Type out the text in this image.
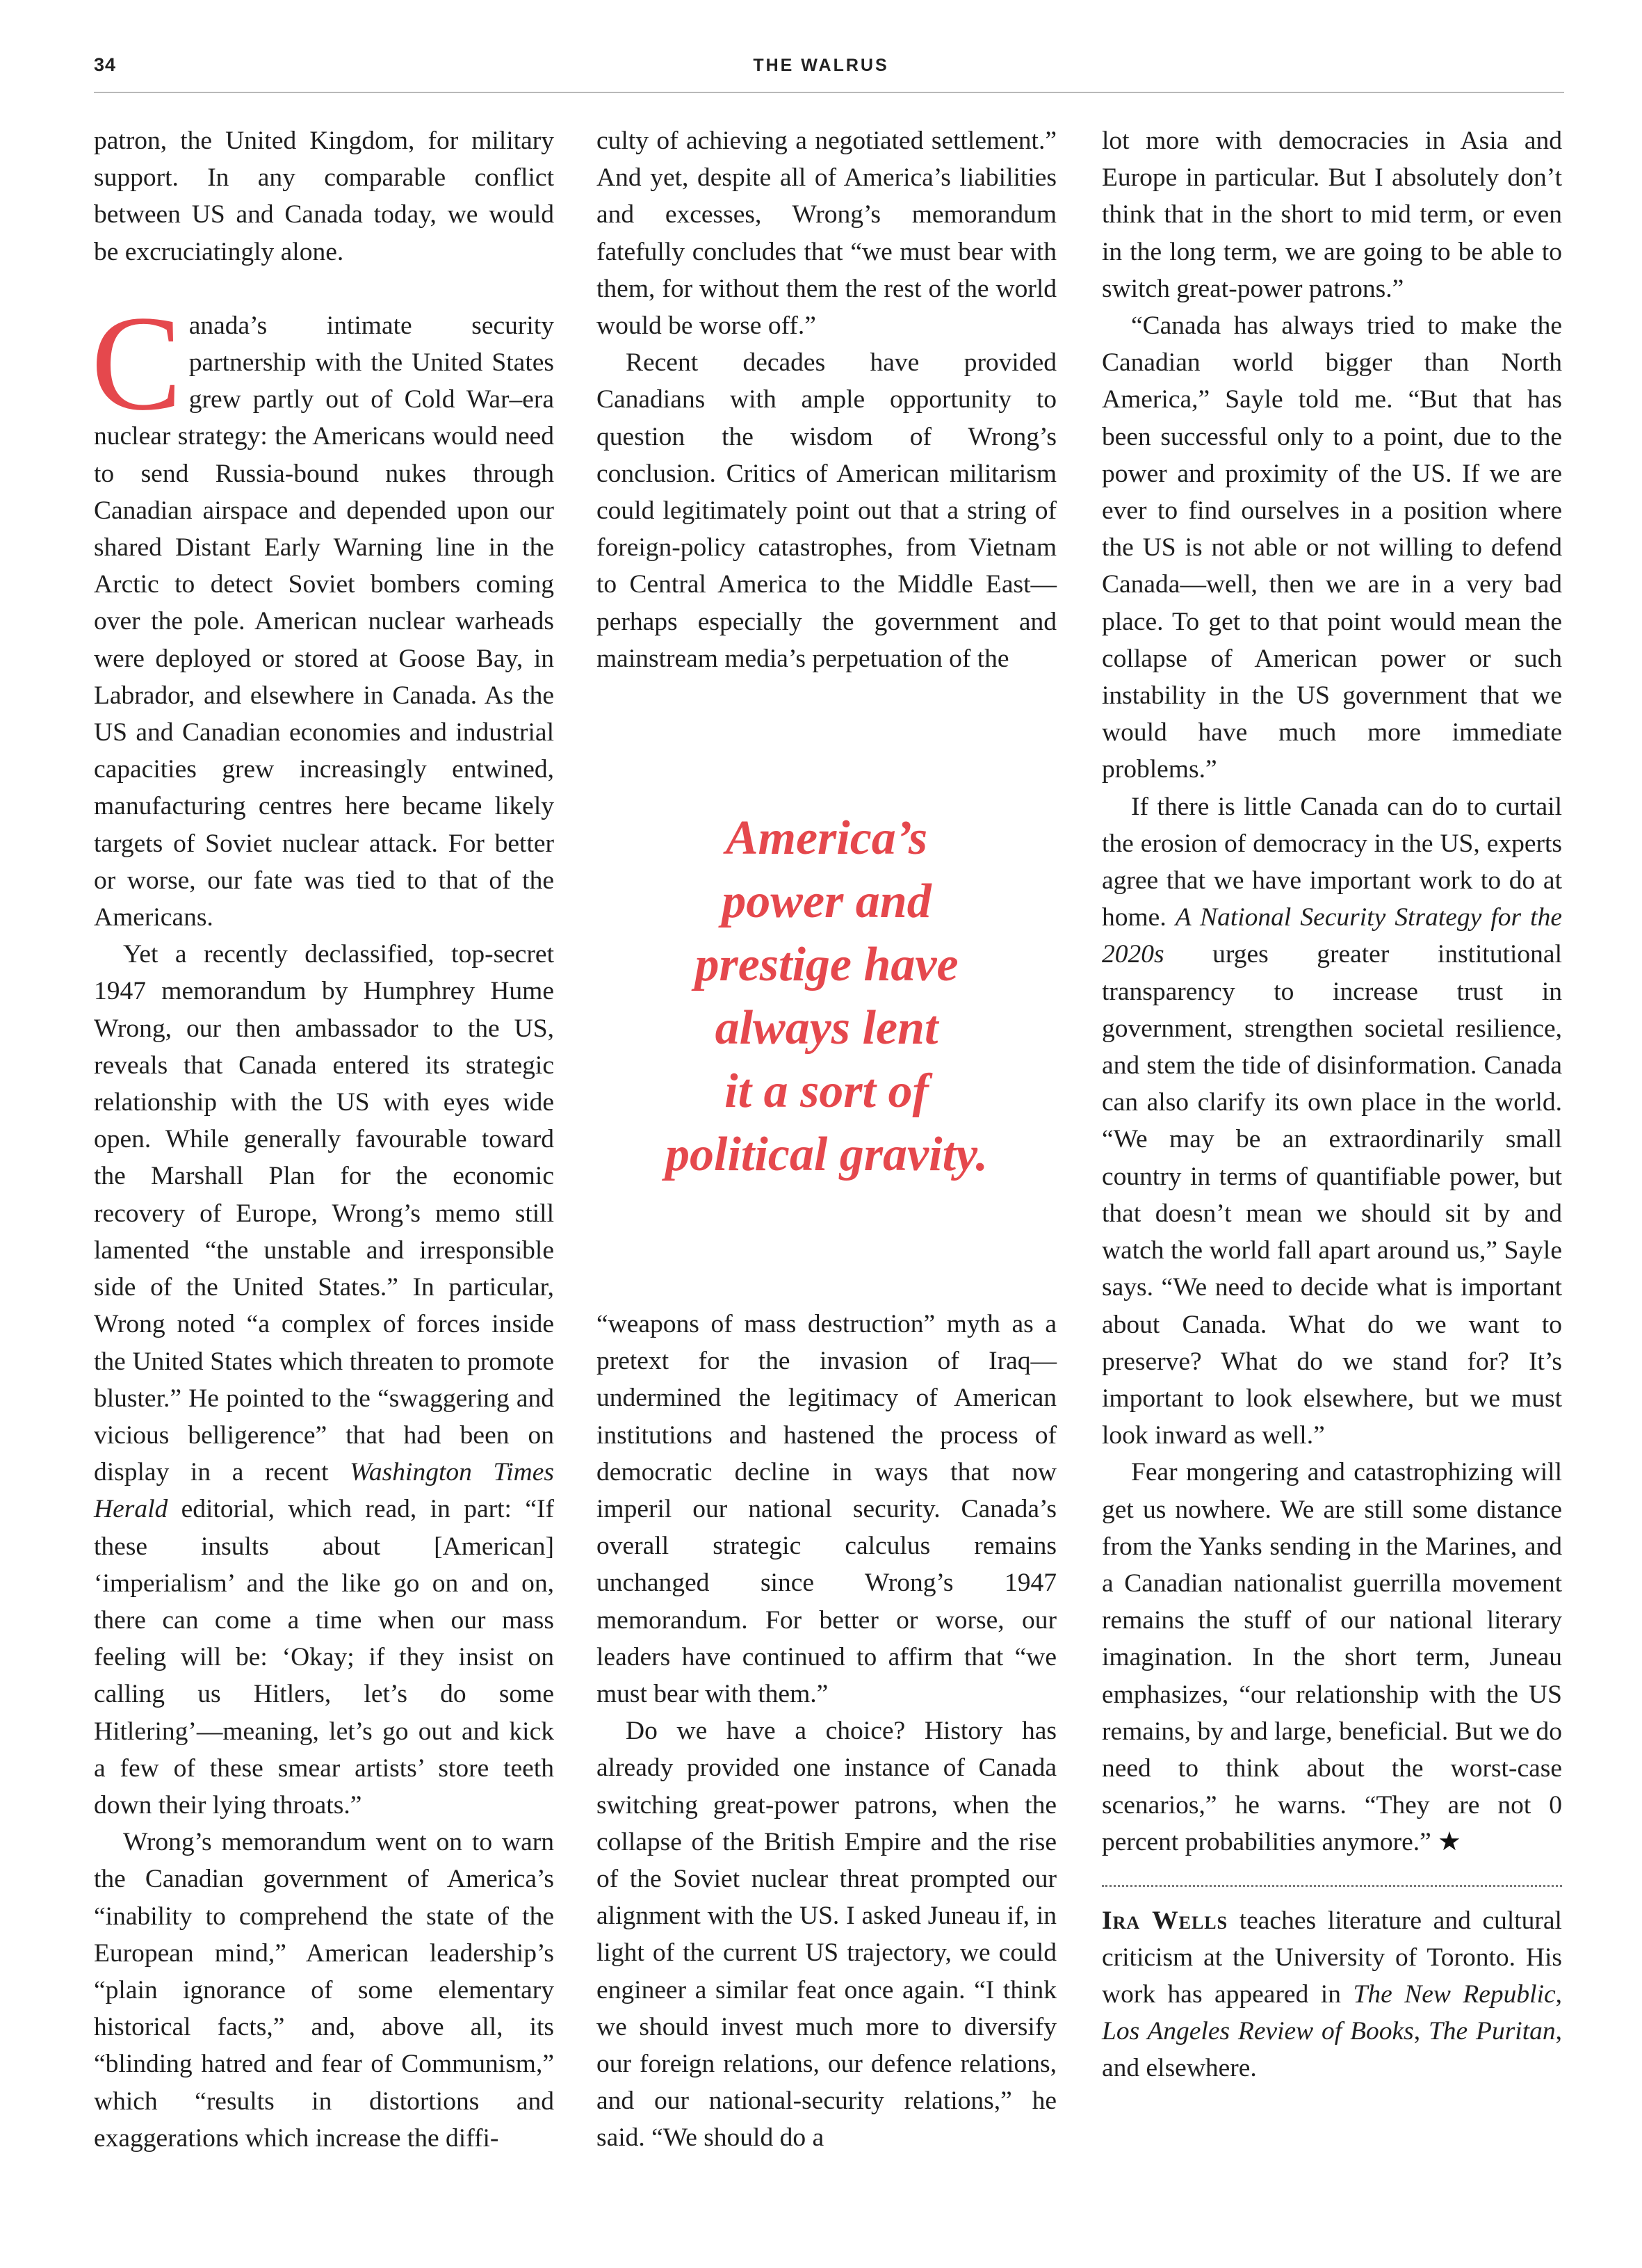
34	THE WALRUS

patron, the United Kingdom, for military support. In any comparable conflict between US and Canada today, we would be excruciatingly alone.

Canada’s intimate security partnership with the United States grew partly out of Cold War–era nuclear strategy: the Americans would need to send Russia-bound nukes through Canadian airspace and depended upon our shared Distant Early Warning line in the Arctic to detect Soviet bombers coming over the pole. American nuclear warheads were deployed or stored at Goose Bay, in Labrador, and elsewhere in Canada. As the US and Canadian economies and industrial capacities grew increasingly entwined, manufacturing centres here became likely targets of Soviet nuclear attack. For better or worse, our fate was tied to that of the Americans.

Yet a recently declassified, top-secret 1947 memorandum by Humphrey Hume Wrong, our then ambassador to the US, reveals that Canada entered its strategic relationship with the US with eyes wide open. While generally favourable toward the Marshall Plan for the economic recovery of Europe, Wrong’s memo still lamented “the unstable and irresponsible side of the United States.” In particular, Wrong noted “a complex of forces inside the United States which threaten to promote bluster.” He pointed to the “swaggering and vicious belligerence” that had been on display in a recent Washington Times Herald editorial, which read, in part: “If these insults about [American] ‘imperialism’ and the like go on and on, there can come a time when our mass feeling will be: ‘Okay; if they insist on calling us Hitlers, let’s do some Hitlering’—meaning, let’s go out and kick a few of these smear artists’ store teeth down their lying throats.”

Wrong’s memorandum went on to warn the Canadian government of America’s “inability to comprehend the state of the European mind,” American leadership’s “plain ignorance of some elementary historical facts,” and, above all, its “blinding hatred and fear of Communism,” which “results in distortions and exaggerations which increase the diffi-

culty of achieving a negotiated settlement.” And yet, despite all of America’s liabilities and excesses, Wrong’s memorandum fatefully concludes that “we must bear with them, for without them the rest of the world would be worse off.”

Recent decades have provided Canadians with ample opportunity to question the wisdom of Wrong’s conclusion. Critics of American militarism could legitimately point out that a string of foreign-policy catastrophes, from Vietnam to Central America to the Middle East—perhaps especially the government and mainstream media’s perpetuation of the

America’s
power and
prestige have
always lent
it a sort of
political gravity.

“weapons of mass destruction” myth as a pretext for the invasion of Iraq—undermined the legitimacy of American institutions and hastened the process of democratic decline in ways that now imperil our national security. Canada’s overall strategic calculus remains unchanged since Wrong’s 1947 memorandum. For better or worse, our leaders have continued to affirm that “we must bear with them.”

Do we have a choice? History has already provided one instance of Canada switching great-power patrons, when the collapse of the British Empire and the rise of the Soviet nuclear threat prompted our alignment with the US. I asked Juneau if, in light of the current US trajectory, we could engineer a similar feat once again. “I think we should invest much more to diversify our foreign relations, our defence relations, and our national-security relations,” he said. “We should do a

lot more with democracies in Asia and Europe in particular. But I absolutely don’t think that in the short to mid term, or even in the long term, we are going to be able to switch great-power patrons.”

“Canada has always tried to make the Canadian world bigger than North America,” Sayle told me. “But that has been successful only to a point, due to the power and proximity of the US. If we are ever to find ourselves in a position where the US is not able or not willing to defend Canada—well, then we are in a very bad place. To get to that point would mean the collapse of American power or such instability in the US government that we would have much more immediate problems.”

If there is little Canada can do to curtail the erosion of democracy in the US, experts agree that we have important work to do at home. A National Security Strategy for the 2020s urges greater institutional transparency to increase trust in government, strengthen societal resilience, and stem the tide of disinformation. Canada can also clarify its own place in the world. “We may be an extraordinarily small country in terms of quantifiable power, but that doesn’t mean we should sit by and watch the world fall apart around us,” Sayle says. “We need to decide what is important about Canada. What do we want to preserve? What do we stand for? It’s important to look elsewhere, but we must look inward as well.”

Fear mongering and catastrophizing will get us nowhere. We are still some distance from the Yanks sending in the Marines, and a Canadian nationalist guerrilla movement remains the stuff of our national literary imagination. In the short term, Juneau emphasizes, “our relationship with the US remains, by and large, beneficial. But we do need to think about the worst-case scenarios,” he warns. “They are not 0 percent probabilities anymore.” ★

Ira Wells teaches literature and cultural criticism at the University of Toronto. His work has appeared in The New Republic, Los Angeles Review of Books, The Puritan, and elsewhere.
